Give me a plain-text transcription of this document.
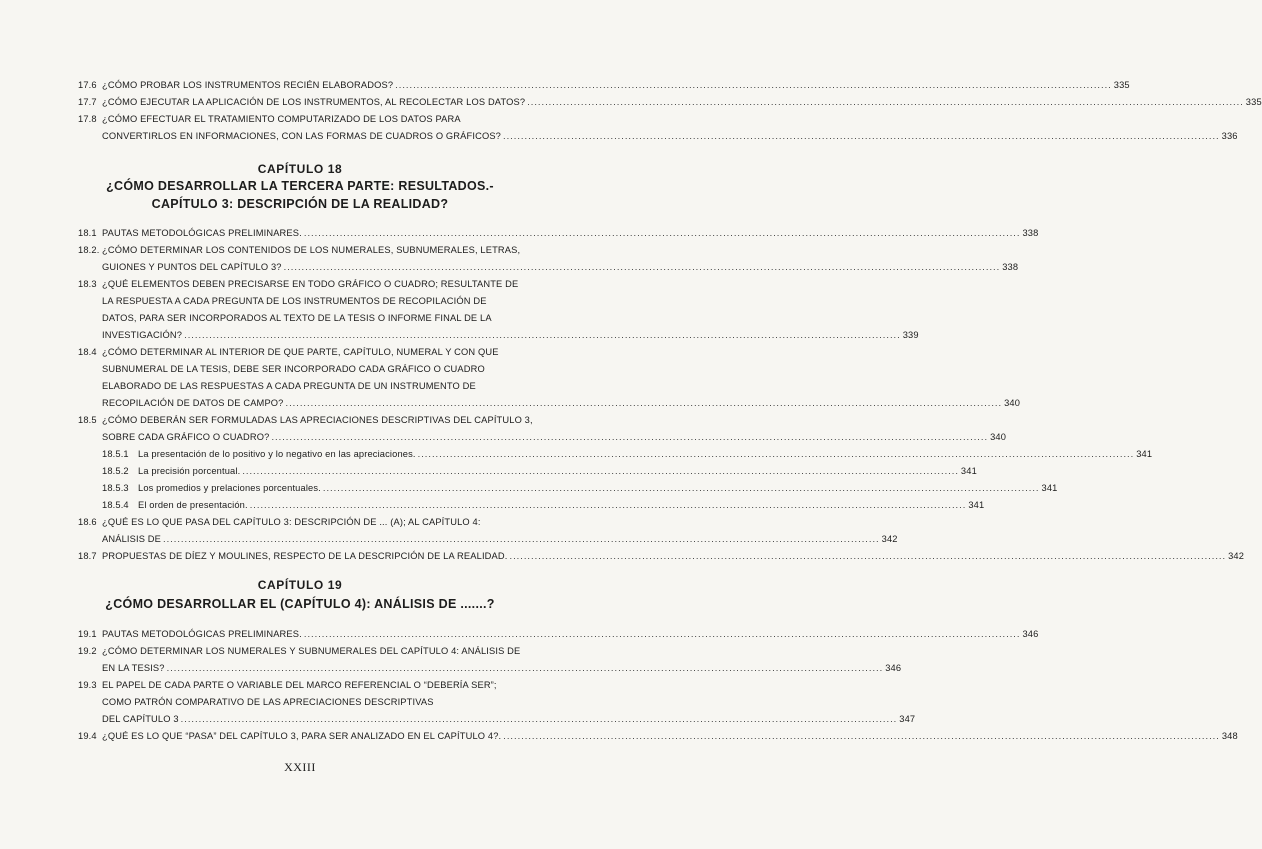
17.6 ¿CÓMO PROBAR LOS INSTRUMENTOS RECIÉN ELABORADOS? .....	335
17.7 ¿CÓMO EJECUTAR LA APLICACIÓN DE LOS INSTRUMENTOS, AL RECOLECTAR LOS DATOS? .....	335
17.8 ¿CÓMO EFECTUAR EL TRATAMIENTO COMPUTARIZADO DE LOS DATOS PARA
CONVERTIRLOS EN INFORMACIONES, CON LAS FORMAS DE CUADROS O GRÁFICOS? .....	336
CAPÍTULO 18
¿CÓMO DESARROLLAR LA TERCERA PARTE: RESULTADOS.-
CAPÍTULO 3: DESCRIPCIÓN DE LA REALIDAD?
18.1 PAUTAS METODOLÓGICAS PRELIMINARES. .....	338
18.2. ¿CÓMO DETERMINAR LOS CONTENIDOS DE LOS NUMERALES, SUBNUMERALES, LETRAS,
GUIONES Y PUNTOS DEL CAPÍTULO 3? .....	338
18.3 ¿QUÉ ELEMENTOS DEBEN PRECISARSE EN TODO GRÁFICO O CUADRO; RESULTANTE DE
LA RESPUESTA A CADA PREGUNTA DE LOS INSTRUMENTOS DE RECOPILACIÓN DE
DATOS, PARA SER INCORPORADOS AL TEXTO DE LA TESIS O INFORME FINAL DE LA
INVESTIGACIÓN? .....	339
18.4 ¿CÓMO DETERMINAR AL INTERIOR DE QUE PARTE, CAPÍTULO, NUMERAL Y CON QUE
SUBNUMERAL DE LA TESIS, DEBE SER INCORPORADO CADA GRÁFICO O CUADRO
ELABORADO DE LAS RESPUESTAS A CADA PREGUNTA DE UN INSTRUMENTO DE
RECOPILACIÓN DE DATOS DE CAMPO? .....	340
18.5 ¿CÓMO DEBERÁN SER FORMULADAS LAS APRECIACIONES DESCRIPTIVAS DEL CAPÍTULO 3,
SOBRE CADA GRÁFICO O CUADRO? .....	340
18.5.1 La presentación de lo positivo y lo negativo en las apreciaciones. .....	341
18.5.2 La precisión porcentual. .....	341
18.5.3 Los promedios y prelaciones porcentuales. .....	341
18.5.4 El orden de presentación. .....	341
18.6 ¿QUÉ ES LO QUE PASA DEL CAPÍTULO 3: DESCRIPCIÓN DE ... (A); AL CAPÍTULO 4:
ANÁLISIS DE .....	342
18.7 PROPUESTAS DE DÍEZ Y MOULINES, RESPECTO DE LA DESCRIPCIÓN DE LA REALIDAD. .....	342
CAPÍTULO 19
¿CÓMO DESARROLLAR EL (CAPÍTULO 4): ANÁLISIS DE .......?
19.1 PAUTAS METODOLÓGICAS PRELIMINARES. .....	346
19.2 ¿CÓMO DETERMINAR LOS NUMERALES Y SUBNUMERALES DEL CAPÍTULO 4: ANÁLISIS DE
EN LA TESIS? .....	346
19.3 EL PAPEL DE CADA PARTE O VARIABLE DEL MARCO REFERENCIAL O “DEBERÍA SER”;
COMO PATRÓN COMPARATIVO DE LAS APRECIACIONES DESCRIPTIVAS
DEL CAPÍTULO 3 .....	347
19.4 ¿QUÉ ES LO QUE “PASA” DEL CAPÍTULO 3, PARA SER ANALIZADO EN EL CAPÍTULO 4?. .....	348
XXIII
